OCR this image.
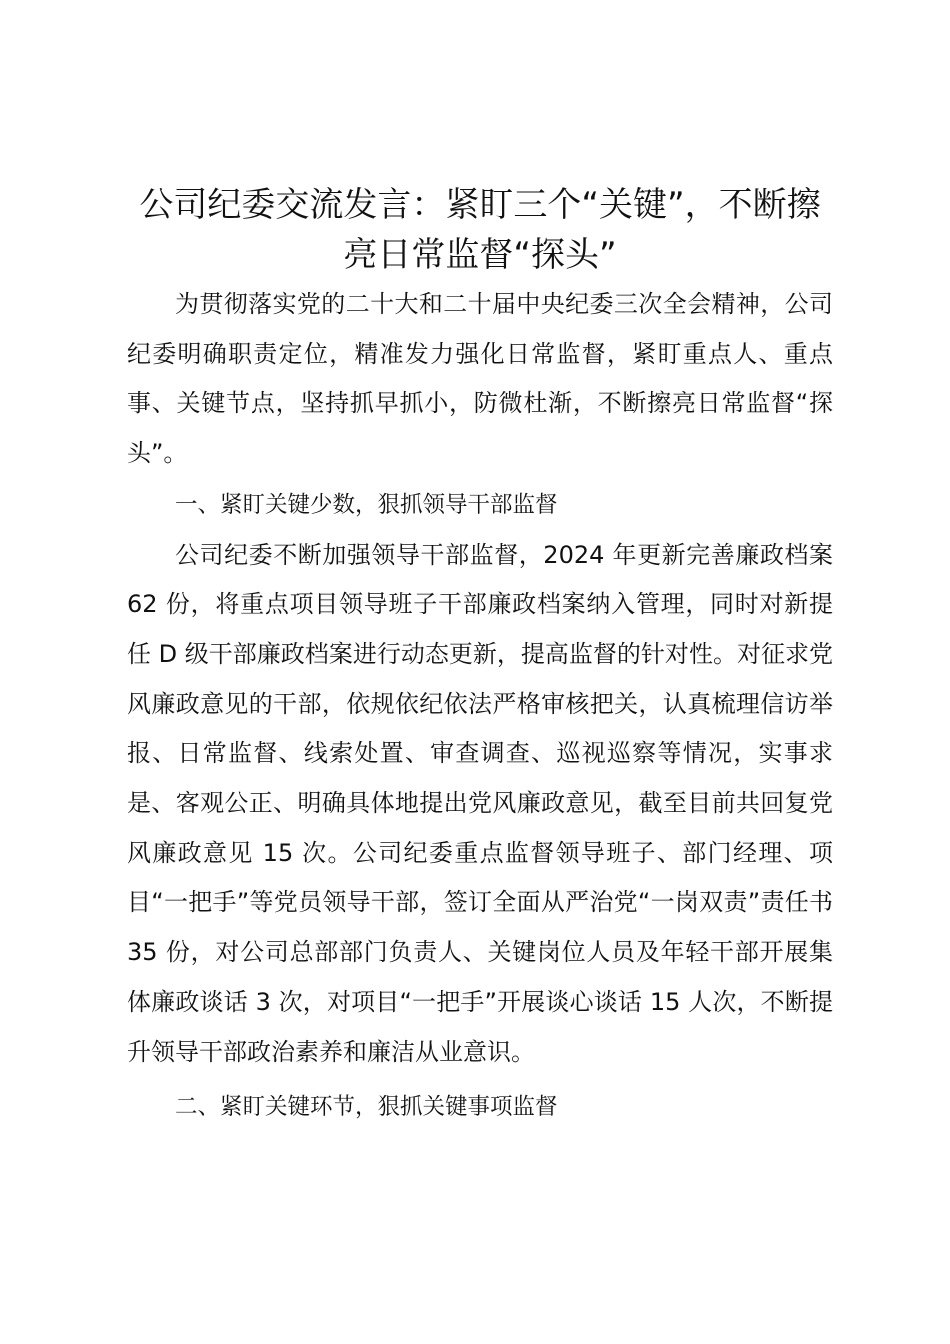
公司纪委交流发言：紧盯三个“关键”，不断擦亮日常监督“探头”

为贯彻落实党的二十大和二十届中央纪委三次全会精神，公司纪委明确职责定位，精准发力强化日常监督，紧盯重点人、重点事、关键节点，坚持抓早抓小，防微杜渐，不断擦亮日常监督“探头”。

一、紧盯关键少数，狠抓领导干部监督

公司纪委不断加强领导干部监督，2024 年更新完善廉政档案 62 份，将重点项目领导班子干部廉政档案纳入管理，同时对新提任 D 级干部廉政档案进行动态更新，提高监督的针对性。对征求党风廉政意见的干部，依规依纪依法严格审核把关，认真梳理信访举报、日常监督、线索处置、审查调查、巡视巡察等情况，实事求是、客观公正、明确具体地提出党风廉政意见，截至目前共回复党风廉政意见 15 次。公司纪委重点监督领导班子、部门经理、项目“一把手”等党员领导干部，签订全面从严治党“一岗双责”责任书 35 份，对公司总部部门负责人、关键岗位人员及年轻干部开展集体廉政谈话 3 次，对项目“一把手”开展谈心谈话 15 人次，不断提升领导干部政治素养和廉洁从业意识。

二、紧盯关键环节，狠抓关键事项监督
